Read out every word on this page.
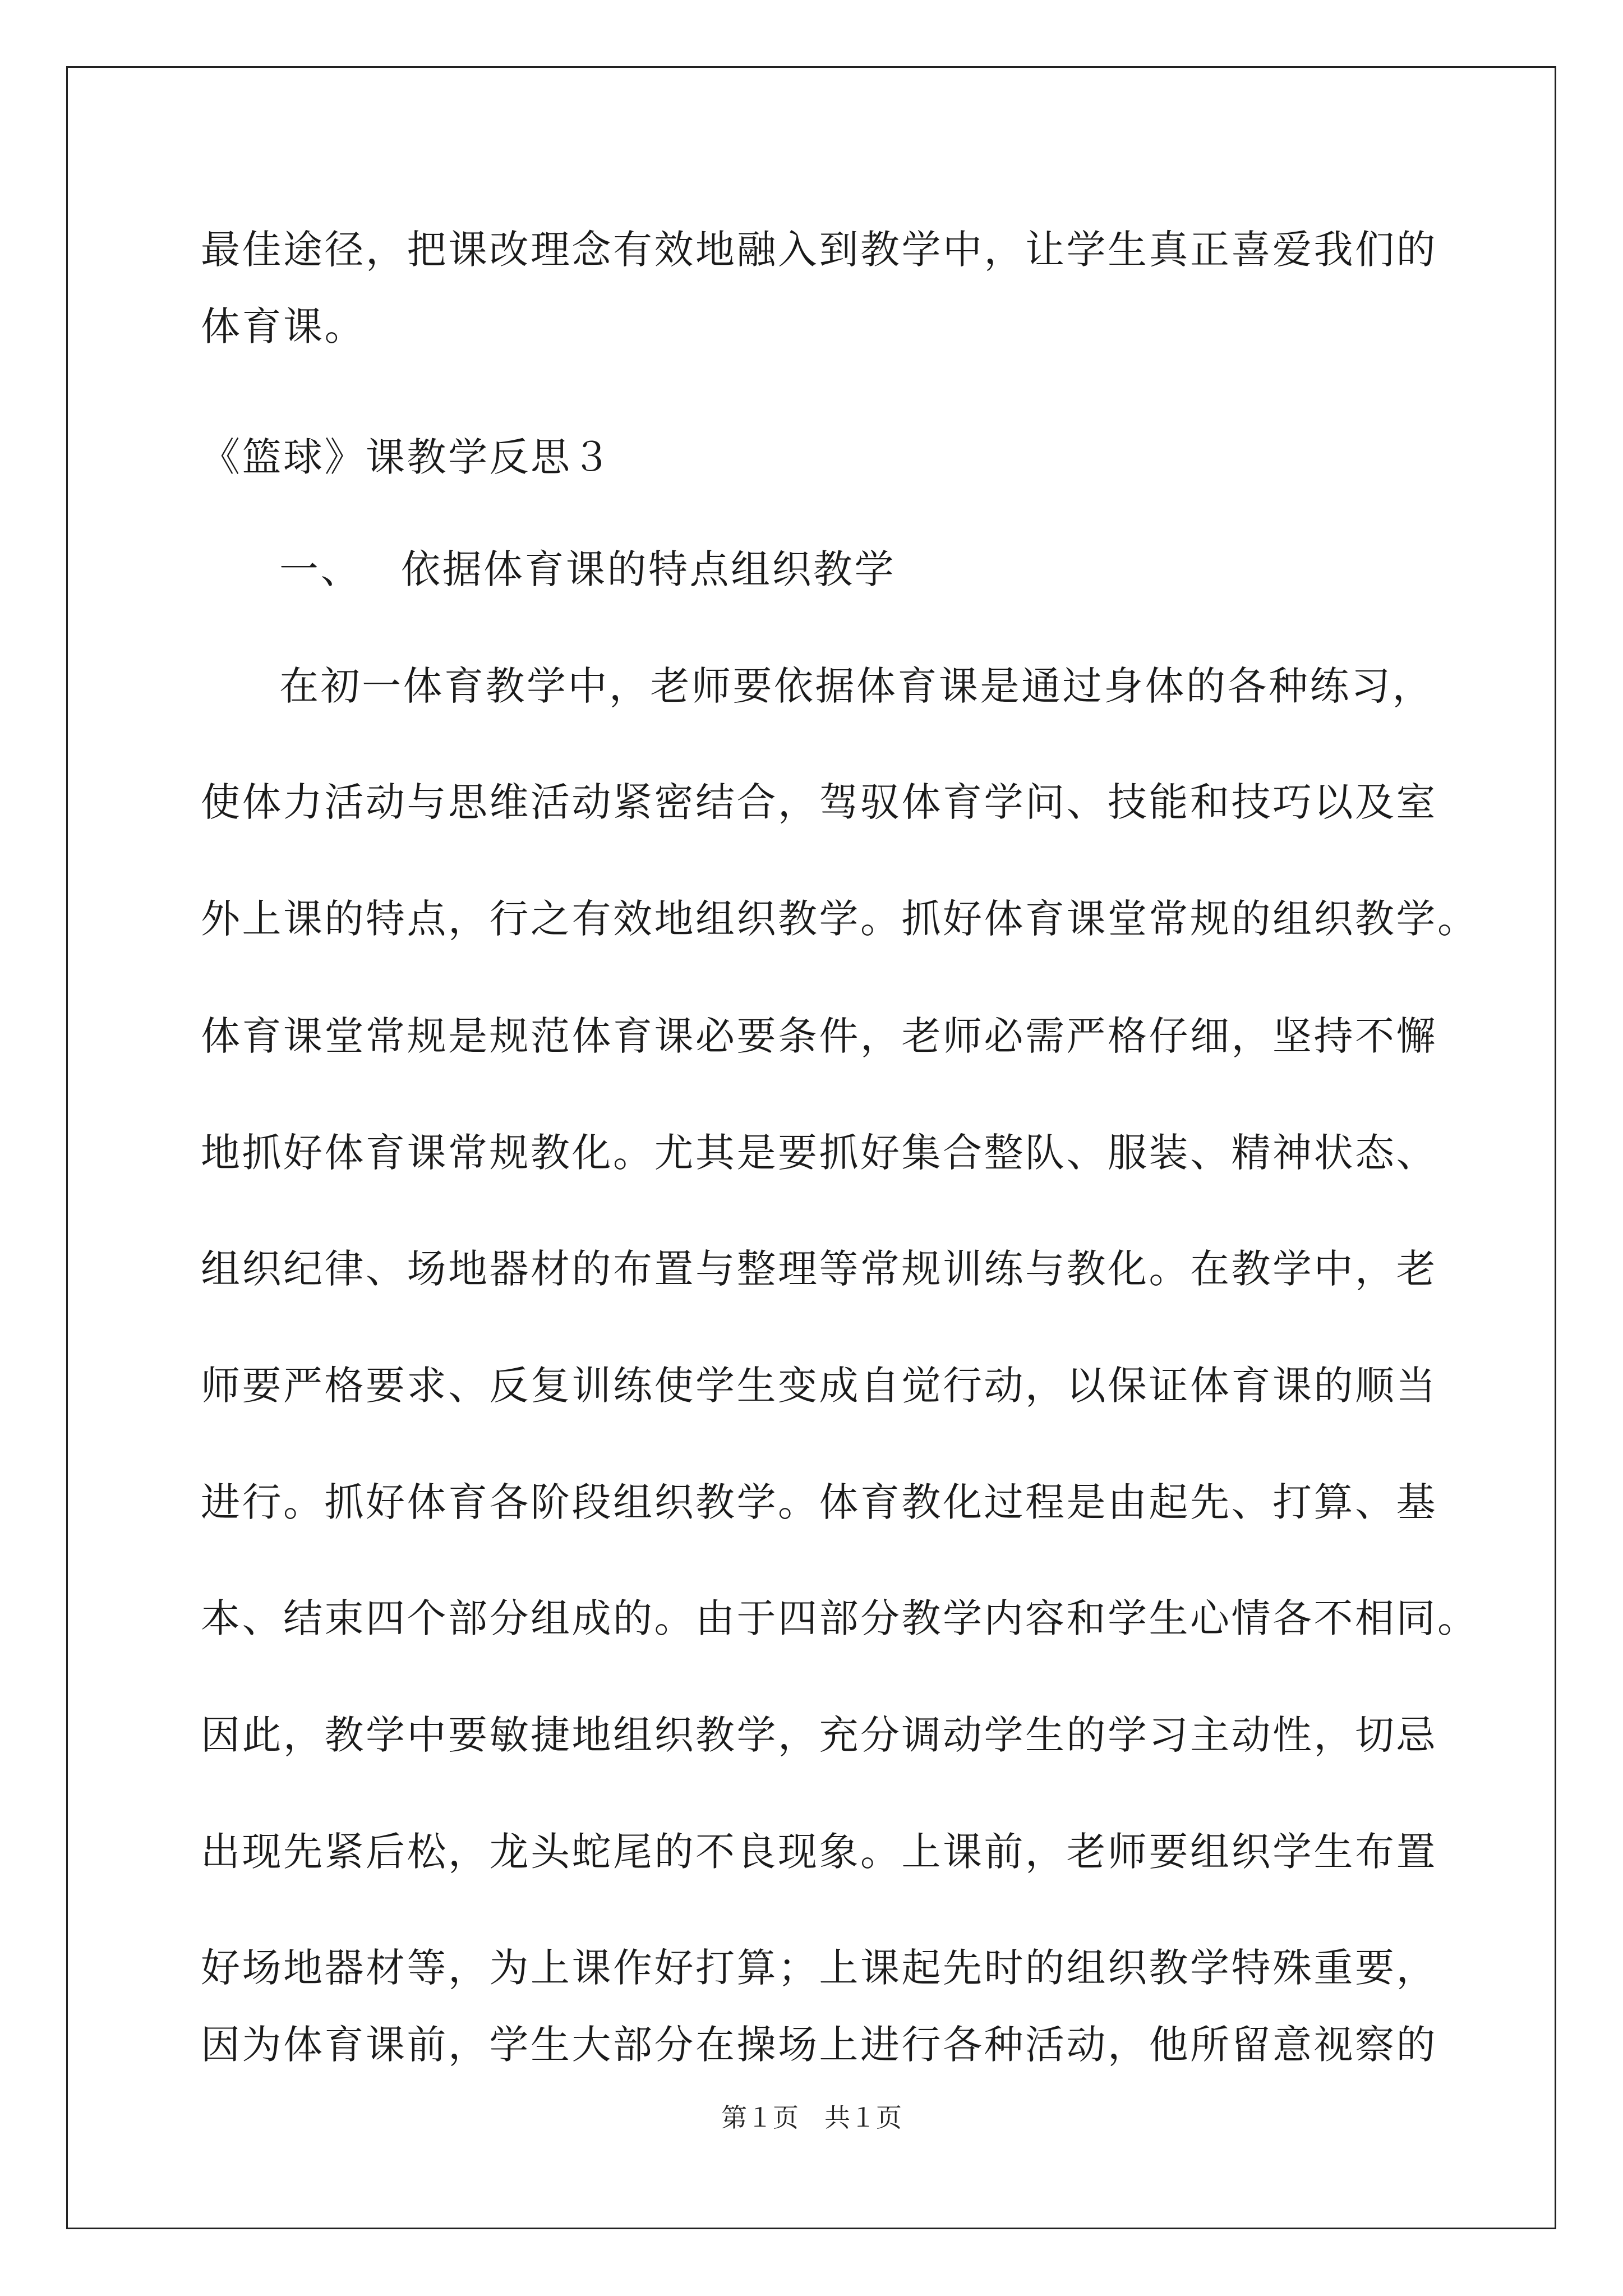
最佳途径，把课改理念有效地融入到教学中，让学生真正喜爱我们的
体育课。
《篮球》课教学反思３
一、 依据体育课的特点组织教学
在初一体育教学中，老师要依据体育课是通过身体的各种练习，
使体力活动与思维活动紧密结合，驾驭体育学问、技能和技巧以及室
外上课的特点，行之有效地组织教学。抓好体育课堂常规的组织教学。
体育课堂常规是规范体育课必要条件，老师必需严格仔细，坚持不懈
地抓好体育课常规教化。尤其是要抓好集合整队、服装、精神状态、
组织纪律、场地器材的布置与整理等常规训练与教化。在教学中，老
师要严格要求、反复训练使学生变成自觉行动，以保证体育课的顺当
进行。抓好体育各阶段组织教学。体育教化过程是由起先、打算、基
本、结束四个部分组成的。由于四部分教学内容和学生心情各不相同。
因此，教学中要敏捷地组织教学，充分调动学生的学习主动性，切忌
出现先紧后松，龙头蛇尾的不良现象。上课前，老师要组织学生布置
好场地器材等，为上课作好打算；上课起先时的组织教学特殊重要，
因为体育课前，学生大部分在操场上进行各种活动，他所留意视察的
第１页　共１页
